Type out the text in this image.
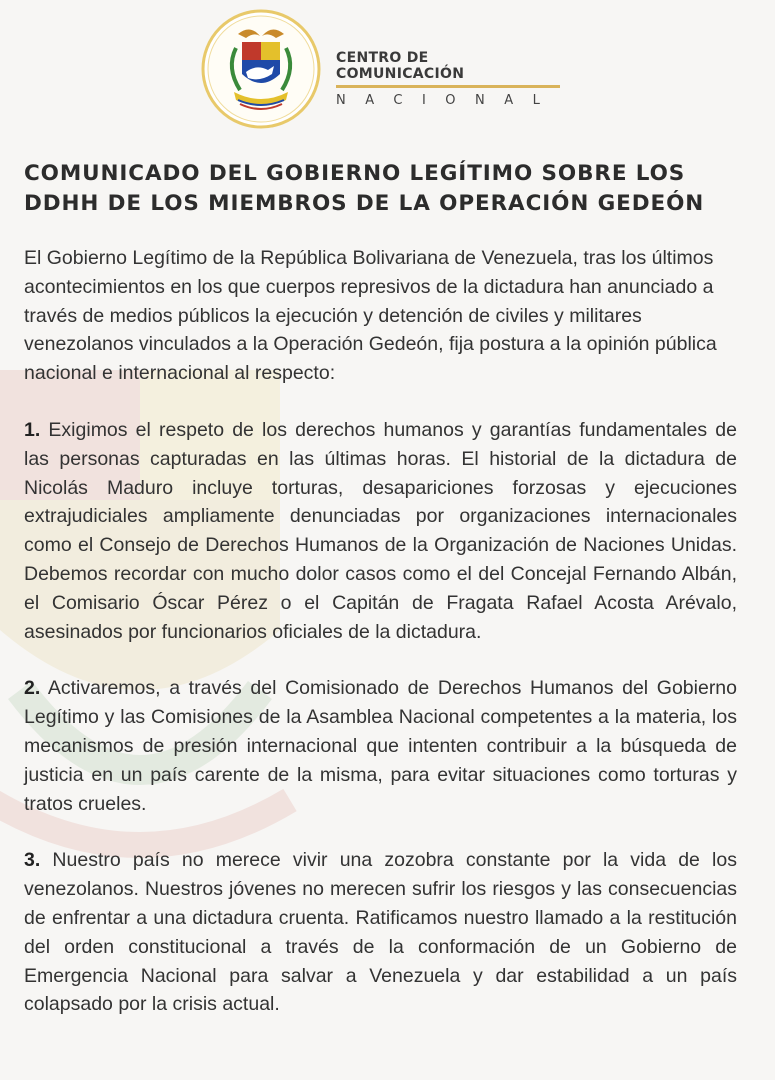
CENTRO DE COMUNICACIÓN
NACIONAL
COMUNICADO DEL GOBIERNO LEGÍTIMO SOBRE LOS DDHH DE LOS MIEMBROS DE LA OPERACIÓN GEDEÓN

El Gobierno Legítimo de la República Bolivariana de Venezuela, tras los últimos acontecimientos en los que cuerpos represivos de la dictadura han anunciado a través de medios públicos la ejecución y detención de civiles y militares venezolanos vinculados a la Operación Gedeón, fija postura a la opinión pública nacional e internacional al respecto:

1. Exigimos el respeto de los derechos humanos y garantías fundamentales de las personas capturadas en las últimas horas. El historial de la dictadura de Nicolás Maduro incluye torturas, desapariciones forzosas y ejecuciones extrajudiciales ampliamente denunciadas por organizaciones internacionales como el Consejo de Derechos Humanos de la Organización de Naciones Unidas. Debemos recordar con mucho dolor casos como el del Concejal Fernando Albán, el Comisario Óscar Pérez o el Capitán de Fragata Rafael Acosta Arévalo, asesinados por funcionarios oficiales de la dictadura.

2. Activaremos, a través del Comisionado de Derechos Humanos del Gobierno Legítimo y las Comisiones de la Asamblea Nacional competentes a la materia, los mecanismos de presión internacional que intenten contribuir a la búsqueda de justicia en un país carente de la misma, para evitar situaciones como torturas y tratos crueles.

3. Nuestro país no merece vivir una zozobra constante por la vida de los venezolanos. Nuestros jóvenes no merecen sufrir los riesgos y las consecuencias de enfrentar a una dictadura cruenta. Ratificamos nuestro llamado a la restitución del orden constitucional a través de la conformación de un Gobierno de Emergencia Nacional para salvar a Venezuela y dar estabilidad a un país colapsado por la crisis actual.
